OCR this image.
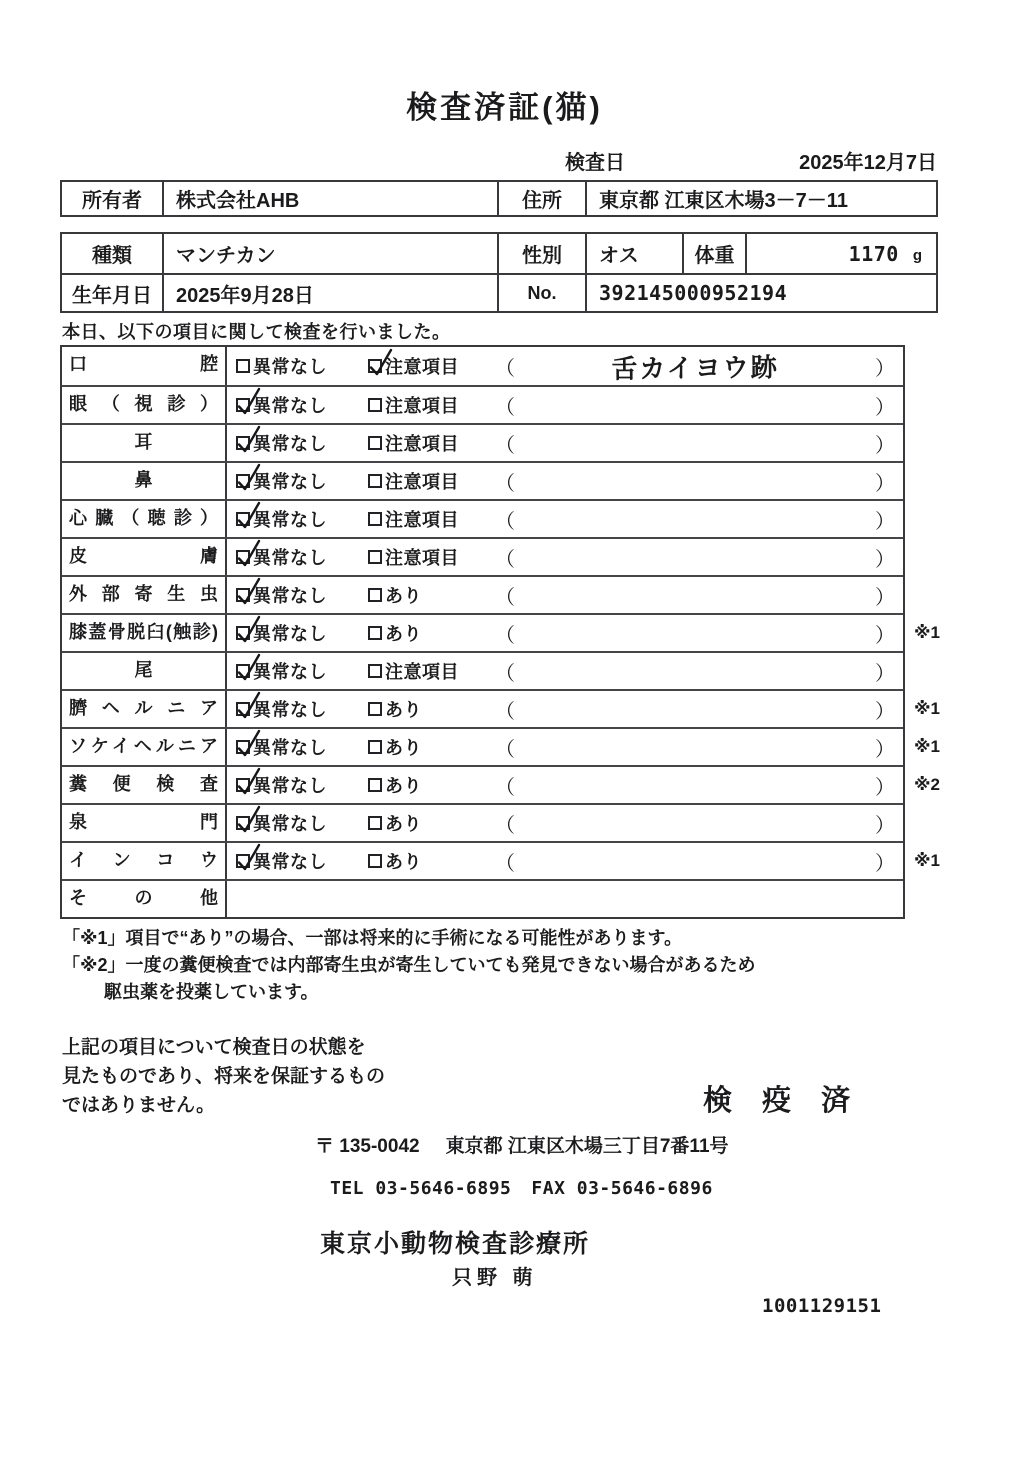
検査済証(猫)
検査日	2025年12月7日
所有者	株式会社AHB	住所	東京都 江東区木場3－7－11
種類	マンチカン	性別	オス	体重	1170 g
生年月日	2025年9月28日	No.	392145000952194
本日、以下の項目に関して検査を行いました。
口 腔	異常なし	注意項目 （	舌カイヨウ跡	）
眼 （ 視 診 ）	異常なし	注意項目 （	）
耳	異常なし	注意項目 （	）
鼻	異常なし	注意項目 （	）
心 臓 （ 聴 診 ）	異常なし	注意項目 （	）
皮 膚	異常なし	注意項目 （	）
外 部 寄 生 虫	異常なし	あり	（	）
膝蓋骨脱臼(触診)	異常なし	あり	（	） ※1
尾	異常なし	注意項目 （	）
臍 ヘ ル ニ ア	異常なし	あり	（	） ※1
ソケイヘルニア	異常なし	あり	（	） ※1
糞 便 検 査	異常なし	あり	（	） ※2
泉 門	異常なし	あり	（	）
イ ン コ ウ	異常なし	あり	（	） ※1
そ の 他
「※1」項目で“あり”の場合、一部は将来的に手術になる可能性があります。
「※2」一度の糞便検査では内部寄生虫が寄生していても発見できない場合があるため
駆虫薬を投薬しています。
上記の項目について検査日の状態を
見たものであり、将来を保証するもの
ではありません。	検 疫 済
〒 135-0042 東京都 江東区木場三丁目7番11号
TEL 03-5646-6895 FAX 03-5646-6896
東京小動物検査診療所
只野 萌
1001129151
